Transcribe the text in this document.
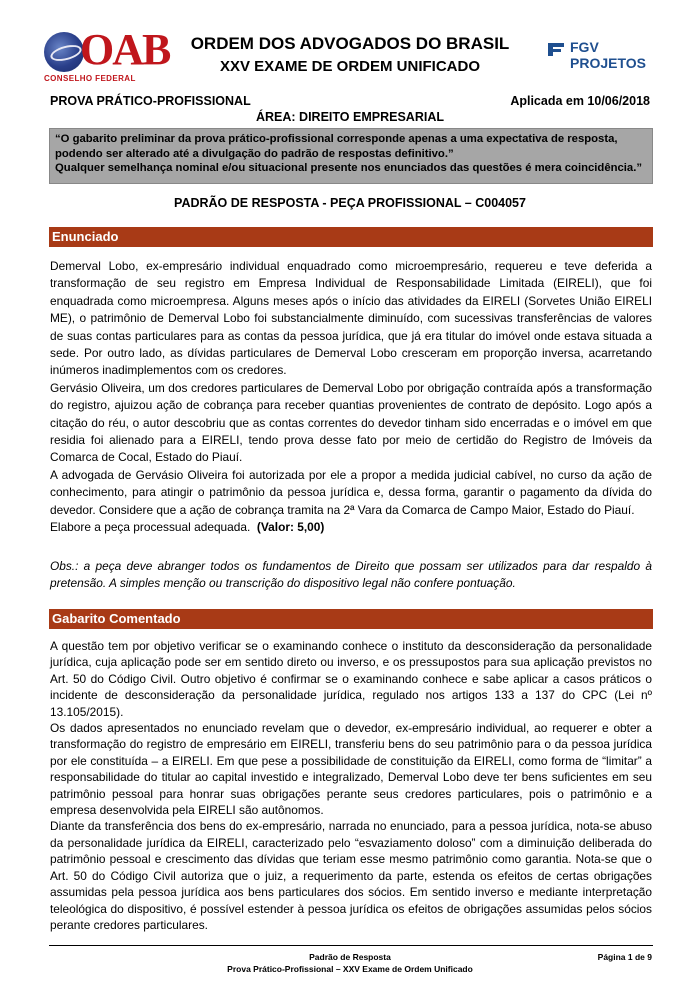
OAB
CONSELHO FEDERAL
ORDEM DOS ADVOGADOS DO BRASIL
XXV EXAME DE ORDEM UNIFICADO
FGV PROJETOS
PROVA PRÁTICO-PROFISSIONAL	Aplicada em 10/06/2018
ÁREA: DIREITO EMPRESARIAL
“O gabarito preliminar da prova prático-profissional corresponde apenas a uma expectativa de resposta, podendo ser alterado até a divulgação do padrão de respostas definitivo.”
Qualquer semelhança nominal e/ou situacional presente nos enunciados das questões é mera coincidência.”
PADRÃO DE RESPOSTA - PEÇA PROFISSIONAL – C004057
Enunciado

Demerval Lobo, ex-empresário individual enquadrado como microempresário, requereu e teve deferida a transformação de seu registro em Empresa Individual de Responsabilidade Limitada (EIRELI), que foi enquadrada como microempresa. Alguns meses após o início das atividades da EIRELI (Sorvetes União EIRELI ME), o patrimônio de Demerval Lobo foi substancialmente diminuído, com sucessivas transferências de valores de suas contas particulares para as contas da pessoa jurídica, que já era titular do imóvel onde estava situada a sede. Por outro lado, as dívidas particulares de Demerval Lobo cresceram em proporção inversa, acarretando inúmeros inadimplementos com os credores.

Gervásio Oliveira, um dos credores particulares de Demerval Lobo por obrigação contraída após a transformação do registro, ajuizou ação de cobrança para receber quantias provenientes de contrato de depósito. Logo após a citação do réu, o autor descobriu que as contas correntes do devedor tinham sido encerradas e o imóvel em que residia foi alienado para a EIRELI, tendo prova desse fato por meio de certidão do Registro de Imóveis da Comarca de Cocal, Estado do Piauí.

A advogada de Gervásio Oliveira foi autorizada por ele a propor a medida judicial cabível, no curso da ação de conhecimento, para atingir o patrimônio da pessoa jurídica e, dessa forma, garantir o pagamento da dívida do devedor. Considere que a ação de cobrança tramita na 2ª Vara da Comarca de Campo Maior, Estado do Piauí.

Elabore a peça processual adequada. (Valor: 5,00)

Obs.: a peça deve abranger todos os fundamentos de Direito que possam ser utilizados para dar respaldo à pretensão. A simples menção ou transcrição do dispositivo legal não confere pontuação.
Gabarito Comentado

A questão tem por objetivo verificar se o examinando conhece o instituto da desconsideração da personalidade jurídica, cuja aplicação pode ser em sentido direto ou inverso, e os pressupostos para sua aplicação previstos no Art. 50 do Código Civil. Outro objetivo é confirmar se o examinando conhece e sabe aplicar a casos práticos o incidente de desconsideração da personalidade jurídica, regulado nos artigos 133 a 137 do CPC (Lei nº 13.105/2015).

Os dados apresentados no enunciado revelam que o devedor, ex-empresário individual, ao requerer e obter a transformação do registro de empresário em EIRELI, transferiu bens do seu patrimônio para o da pessoa jurídica por ele constituída – a EIRELI. Em que pese a possibilidade de constituição da EIRELI, como forma de “limitar” a responsabilidade do titular ao capital investido e integralizado, Demerval Lobo deve ter bens suficientes em seu patrimônio pessoal para honrar suas obrigações perante seus credores particulares, pois o patrimônio e a empresa desenvolvida pela EIRELI são autônomos.

Diante da transferência dos bens do ex-empresário, narrada no enunciado, para a pessoa jurídica, nota-se abuso da personalidade jurídica da EIRELI, caracterizado pelo “esvaziamento doloso” com a diminuição deliberada do patrimônio pessoal e crescimento das dívidas que teriam esse mesmo patrimônio como garantia. Nota-se que o Art. 50 do Código Civil autoriza que o juiz, a requerimento da parte, estenda os efeitos de certas obrigações assumidas pela pessoa jurídica aos bens particulares dos sócios. Em sentido inverso e mediante interpretação teleológica do dispositivo, é possível estender à pessoa jurídica os efeitos de obrigações assumidas pelos sócios perante credores particulares.

Padrão de Resposta
Prova Prático-Profissional – XXV Exame de Ordem Unificado
Página 1 de 9
